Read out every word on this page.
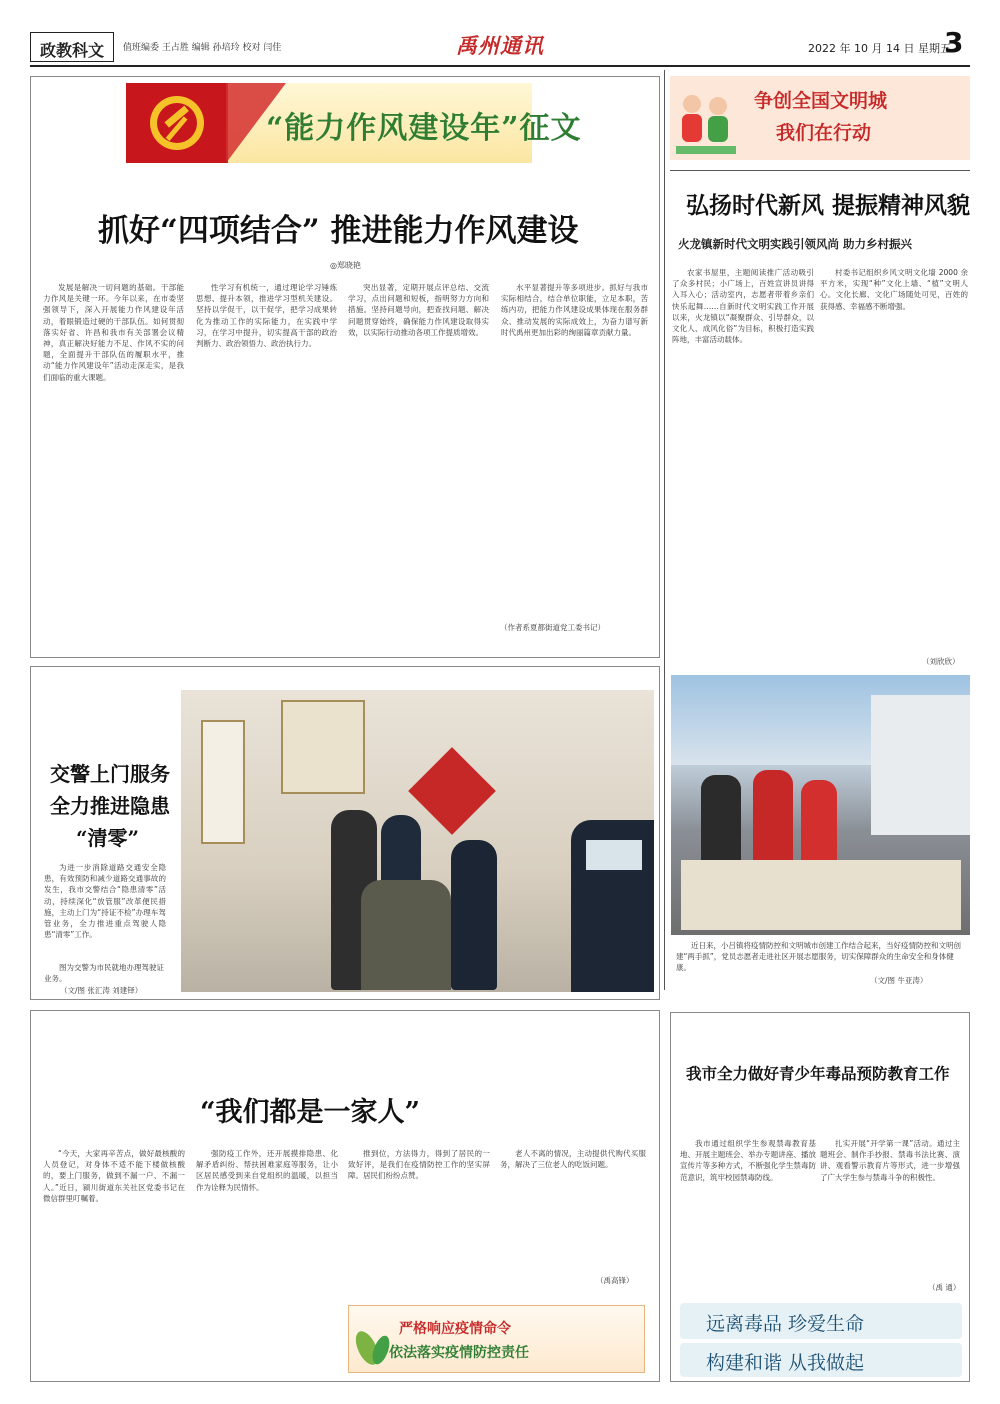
政教科文	值班编委 王占胜 编辑 孙培玲 校对 闫佳	禹州通讯	2022 年 10 月 14 日 星期五
3
“能力作风建设年”征文
抓好“四项结合” 推进能力作风建设
◎郑晓艳
发展是解决一切问题的基础。干部能力作风是关键一环。今年以来，在市委坚强领导下，深入开展能力作风建设年活动，着眼锻造过硬的干部队伍。如何贯彻落实好省、许昌和我市有关部署会议精神，真正解决好能力不足、作风不实的问题，全面提升干部队伍的履职水平，推动“能力作风建设年”活动走深走实，是我们面临的重大课题。
性学习有机统一，通过理论学习锤炼思想、提升本领，推进学习型机关建设。坚持以学促干，以干促学，把学习成果转化为推动工作的实际能力，在实践中学习，在学习中提升，切实提高干部的政治判断力、政治领悟力、政治执行力。
突出显著，定期开展点评总结、交流学习，点出问题和短板，指明努力方向和措施。坚持问题导向，把查找问题、解决问题贯穿始终，确保能力作风建设取得实效，以实际行动推动各项工作提质增效。
水平显著提升等多项进步。抓好与我市实际相结合，结合单位职能，立足本职，苦练内功，把能力作风建设成果体现在服务群众、推动发展的实际成效上，为奋力谱写新时代禹州更加出彩的绚丽篇章贡献力量。
（作者系夏都街道党工委书记）
争创全国文明城
我们在行动
弘扬时代新风 提振精神风貌
火龙镇新时代文明实践引领风尚 助力乡村振兴
农家书屋里，主题阅读推广活动吸引了众多村民；小广场上，百姓宣讲员讲得入耳入心；活动室内，志愿者带着乡亲们快乐起舞……自新时代文明实践工作开展以来，火龙镇以“凝聚群众、引导群众，以文化人、成风化俗”为目标，积极打造实践阵地，丰富活动载体。
村委书记组织乡风文明文化墙 2000 余平方米，实现“种”文化上墙、“植”文明人心。文化长廊、文化广场随处可见，百姓的获得感、幸福感不断增强。
（刘欣欣）
近日来，小吕镇将疫情防控和文明城市创建工作结合起来，当好疫情防控和文明创建“两手抓”，党员志愿者走进社区开展志愿服务，切实保障群众的生命安全和身体健康。
（文/图 牛亚涛）
交警上门服务
全力推进隐患
“清零”
为进一步消除道路交通安全隐患，有效预防和减少道路交通事故的发生，我市交警结合“隐患清零”活动，持续深化“放管服”改革便民措施，主动上门为“持证不检”办理车驾管业务，全力推进重点驾驶人隐患“清零”工作。
图为交警为市民就地办理驾驶证业务。
（文/图 张汇涛 刘建铎）
“我们都是一家人”
“今天，大家再辛苦点，做好最核酸的人员登记，对身体不适不能下楼做核酸的，要上门服务，做到不漏一户、不漏一人。”近日，颍川街道东关社区党委书记在微信群里叮嘱着。
强防疫工作外，还开展摸排隐患、化解矛盾纠纷、帮扶困难家庭等服务，让小区居民感受到来自党组织的温暖，以担当作为诠释为民情怀。
推到位，方法得力，得到了居民的一致好评，是我们在疫情防控工作的坚实屏障。居民们纷纷点赞。
老人不离的情况，主动提供代购代买服务，解决了三位老人的吃饭问题。
（禹高锋）
严格响应疫情命令
依法落实疫情防控责任
我市全力做好青少年毒品预防教育工作
我市通过组织学生参观禁毒教育基地、开展主题班会、举办专题讲座、播放宣传片等多种方式，不断强化学生禁毒防范意识，筑牢校园禁毒防线。
扎实开展“开学第一课”活动。通过主题班会、制作手抄报、禁毒书法比赛、演讲、观看警示教育片等形式，进一步增强了广大学生参与禁毒斗争的积极性。
（禹 通）
远离毒品 珍爱生命
构建和谐 从我做起
